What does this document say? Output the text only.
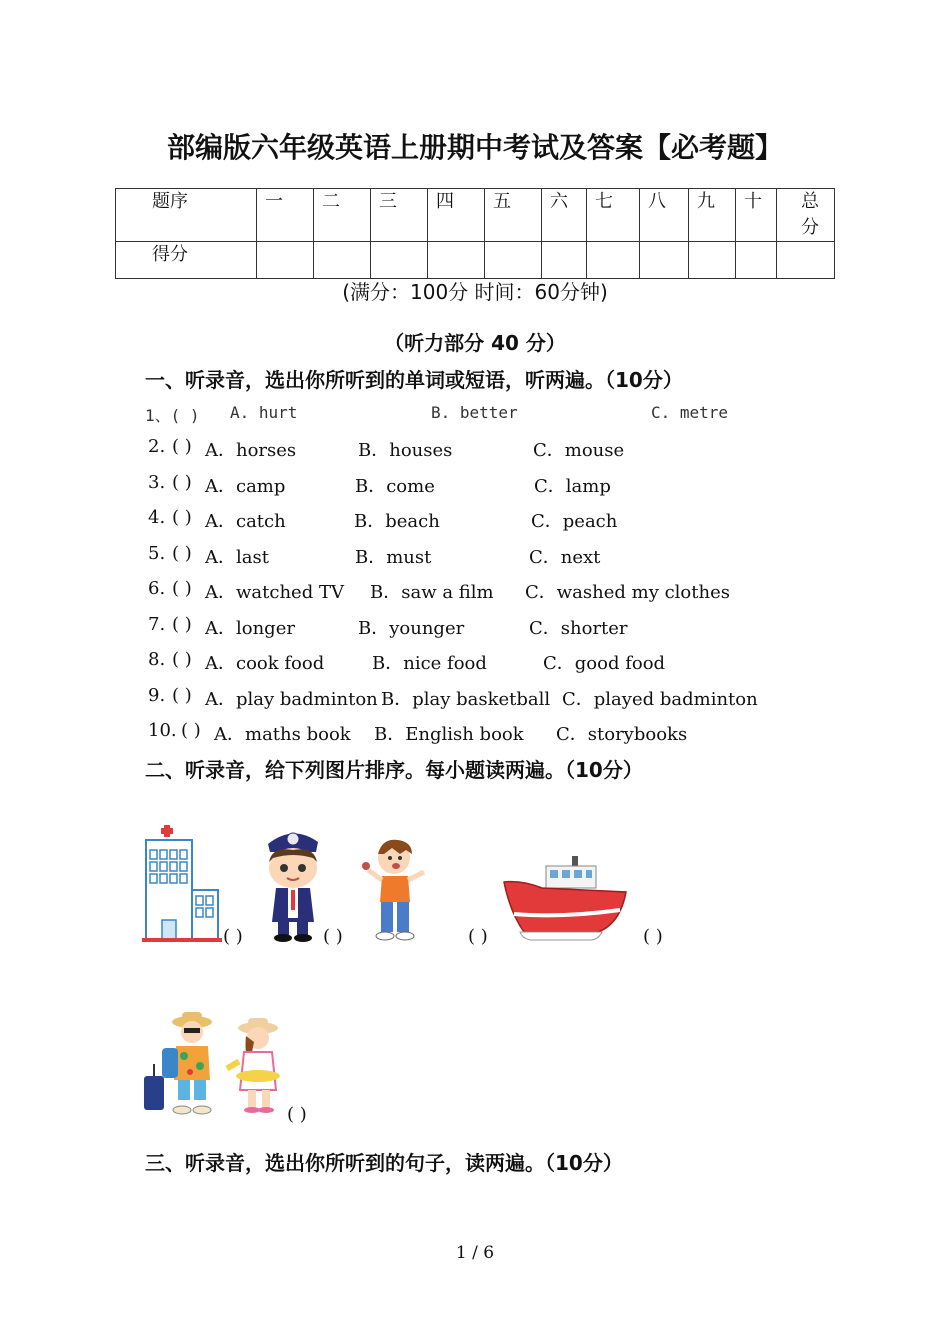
部编版六年级英语上册期中考试及答案【必考题】
题序	一	二	三	四	五	六	七	八	九	十	总分
得分											
(满分：100分 时间：60分钟)
（听力部分 40 分）
一、听录音，选出你所听到的单词或短语，听两遍。（10分）
1、( ) A. hurt	B. better	C. metre
2. ( ) A．horses	B．houses	C．mouse
3. ( ) A．camp	B．come	C．lamp
4. ( ) A．catch	B．beach	C．peach
5. ( ) A．last	B．must	C．next
6. ( ) A．watched TV B．saw a film C．washed my clothes
7. ( ) A．longer	B．younger	C．shorter
8. ( ) A．cook food	B．nice food	C．good food
9. ( ) A．play badminton B．play basketball C．played badminton
10. ( ) A．maths book B．English book C．storybooks
二、听录音，给下列图片排序。每小题读两遍。（10分）
( )	( )	( )	( )
( )
三、听录音，选出你所听到的句子，读两遍。（10分）
1 / 6
